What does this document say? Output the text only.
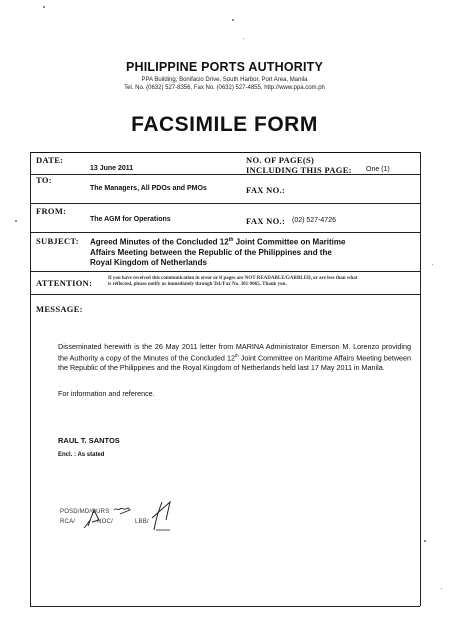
PHILIPPINE PORTS AUTHORITY
PPA Building, Bonifacio Drive, South Harbor, Port Area, Manila
Tel. No. (0632) 527-8356, Fax No. (0632) 527-4855, http://www.ppa.com.ph
FACSIMILE FORM
DATE:
13 June 2011
NO. OF PAGE(S)
INCLUDING THIS PAGE: One (1)
TO:
The Managers, All PDOs and PMOs	FAX NO.:
FROM:
The AGM for Operations	FAX NO.: (02) 527-4726
SUBJECT: Agreed Minutes of the Concluded 12th Joint Committee on Maritime
Affairs Meeting between the Republic of the Philippines and the
Royal Kingdom of Netherlands
ATTENTION:	If you have received this communication in error or if pages are NOT READABLE/GARBLED, or are less than what
is reflected, please notify us immediately through Tel./Fax No. 301-9065. Thank you.
MESSAGE:
Disseminated herewith is the 26 May 2011 letter from MARINA Administrator Emerson M. Lorenzo providing the Authority a copy of the Minutes of the Concluded 12th Joint Committee on Maritime Affairs Meeting between the Republic of the Philippines and the Royal Kingdom of Netherlands held last 17 May 2011 in Manila.
For information and reference.
RAUL T. SANTOS
Encl. : As stated
POSD/MD/OURS
RCA/	NOC/	LBB/
